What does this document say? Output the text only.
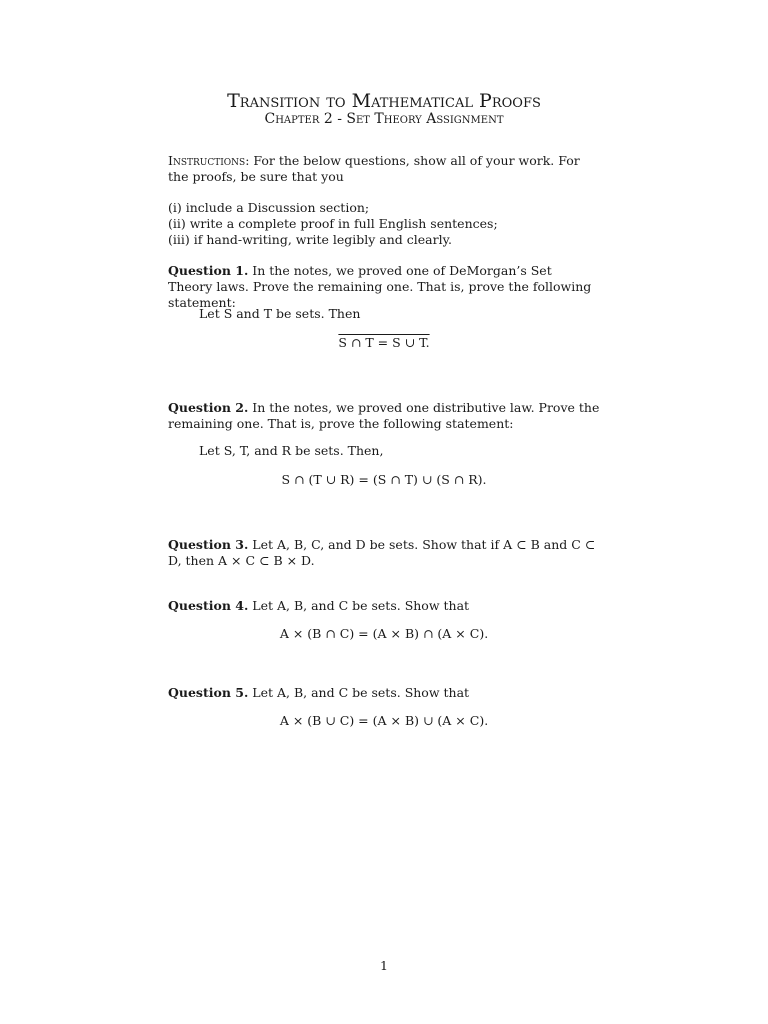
Transition to Mathematical Proofs
Chapter 2 - Set Theory Assignment
Instructions: For the below questions, show all of your work. For the proofs, be sure that you
(i) include a Discussion section;
(ii) write a complete proof in full English sentences;
(iii) if hand-writing, write legibly and clearly.
Question 1. In the notes, we proved one of DeMorgan’s Set Theory laws. Prove the remaining one. That is, prove the following statement:
Let S and T be sets. Then
S ∩ T = S ∪ T.
Question 2. In the notes, we proved one distributive law. Prove the remaining one. That is, prove the following statement:
Let S, T, and R be sets. Then,
S ∩ (T ∪ R) = (S ∩ T) ∪ (S ∩ R).
Question 3. Let A, B, C, and D be sets. Show that if A ⊂ B and C ⊂ D, then A × C ⊂ B × D.
Question 4. Let A, B, and C be sets. Show that
A × (B ∩ C) = (A × B) ∩ (A × C).
Question 5. Let A, B, and C be sets. Show that
A × (B ∪ C) = (A × B) ∪ (A × C).
1
